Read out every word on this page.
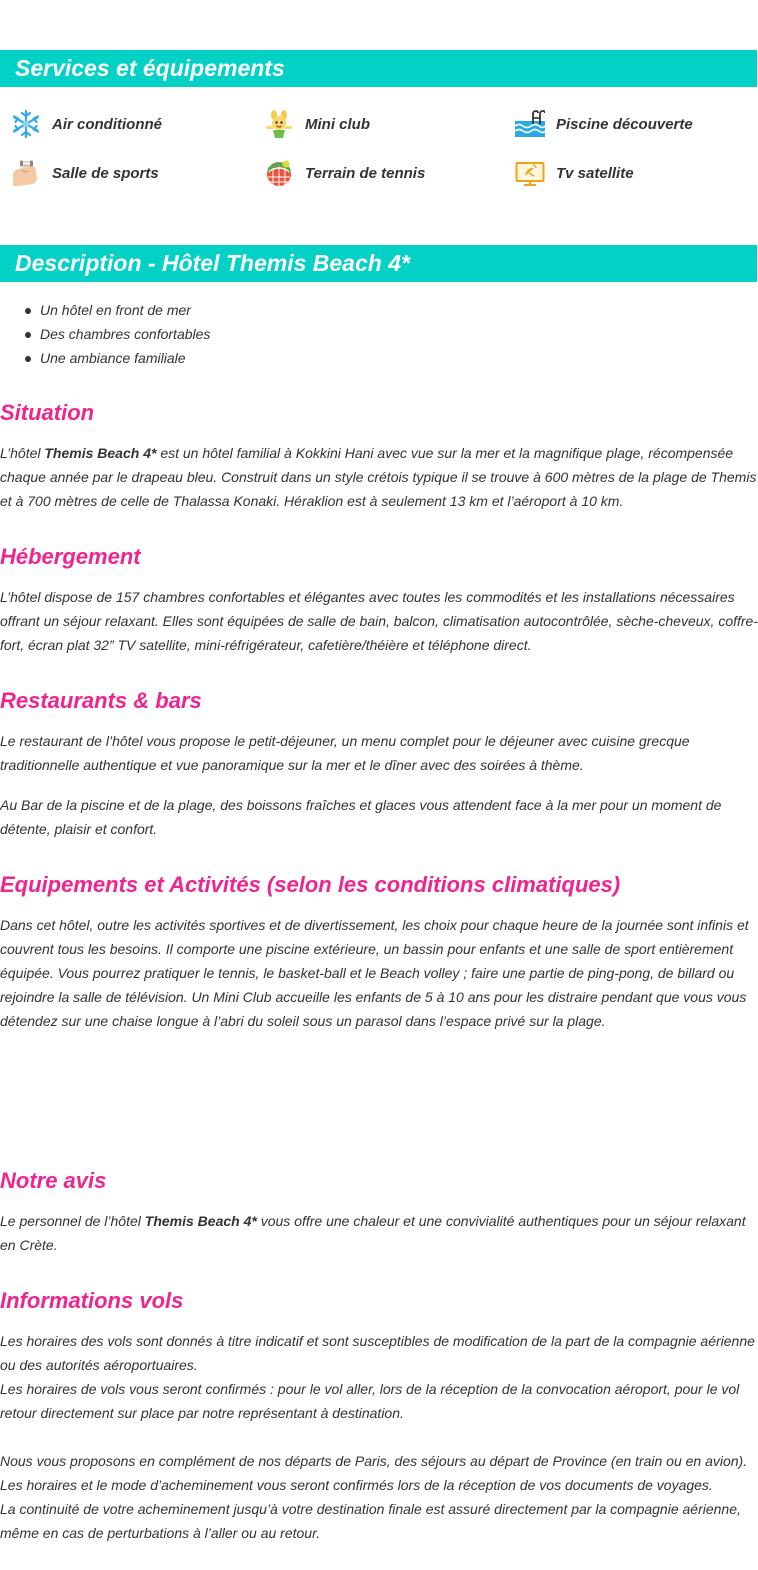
Services et équipements
Air conditionné	Mini club	Piscine découverte
Salle de sports	Terrain de tennis	Tv satellite
Description - Hôtel Themis Beach 4*
Un hôtel en front de mer
Des chambres confortables
Une ambiance familiale
Situation

L’hôtel Themis Beach 4* est un hôtel familial à Kokkini Hani avec vue sur la mer et la magnifique plage, récompensée chaque année par le drapeau bleu. Construit dans un style crétois typique il se trouve à 600 mètres de la plage de Themis et à 700 mètres de celle de Thalassa Konaki. Héraklion est à seulement 13 km et l’aéroport à 10 km.

Hébergement

L’hôtel dispose de 157 chambres confortables et élégantes avec toutes les commodités et les installations nécessaires offrant un séjour relaxant. Elles sont équipées de salle de bain, balcon, climatisation autocontrôlée, sèche-cheveux, coffre-fort, écran plat 32” TV satellite, mini-réfrigérateur, cafetière/théière et téléphone direct.

Restaurants & bars

Le restaurant de l’hôtel vous propose le petit-déjeuner, un menu complet pour le déjeuner avec cuisine grecque traditionnelle authentique et vue panoramique sur la mer et le dîner avec des soirées à thème.

Au Bar de la piscine et de la plage, des boissons fraîches et glaces vous attendent face à la mer pour un moment de détente, plaisir et confort.

Equipements et Activités (selon les conditions climatiques)

Dans cet hôtel, outre les activités sportives et de divertissement, les choix pour chaque heure de la journée sont infinis et couvrent tous les besoins. Il comporte une piscine extérieure, un bassin pour enfants et une salle de sport entièrement équipée. Vous pourrez pratiquer le tennis, le basket-ball et le Beach volley ; faire une partie de ping-pong, de billard ou rejoindre la salle de télévision. Un Mini Club accueille les enfants de 5 à 10 ans pour les distraire pendant que vous vous détendez sur une chaise longue à l’abri du soleil sous un parasol dans l’espace privé sur la plage.

Notre avis

Le personnel de l’hôtel Themis Beach 4* vous offre une chaleur et une convivialité authentiques pour un séjour relaxant en Crète.

Informations vols

Les horaires des vols sont donnés à titre indicatif et sont susceptibles de modification de la part de la compagnie aérienne ou des autorités aéroportuaires.

Les horaires de vols vous seront confirmés : pour le vol aller, lors de la réception de la convocation aéroport, pour le vol retour directement sur place par notre représentant à destination.

Nous vous proposons en complément de nos départs de Paris, des séjours au départ de Province (en train ou en avion).

Les horaires et le mode d’acheminement vous seront confirmés lors de la réception de vos documents de voyages.

La continuité de votre acheminement jusqu’à votre destination finale est assuré directement par la compagnie aérienne, même en cas de perturbations à l’aller ou au retour.
